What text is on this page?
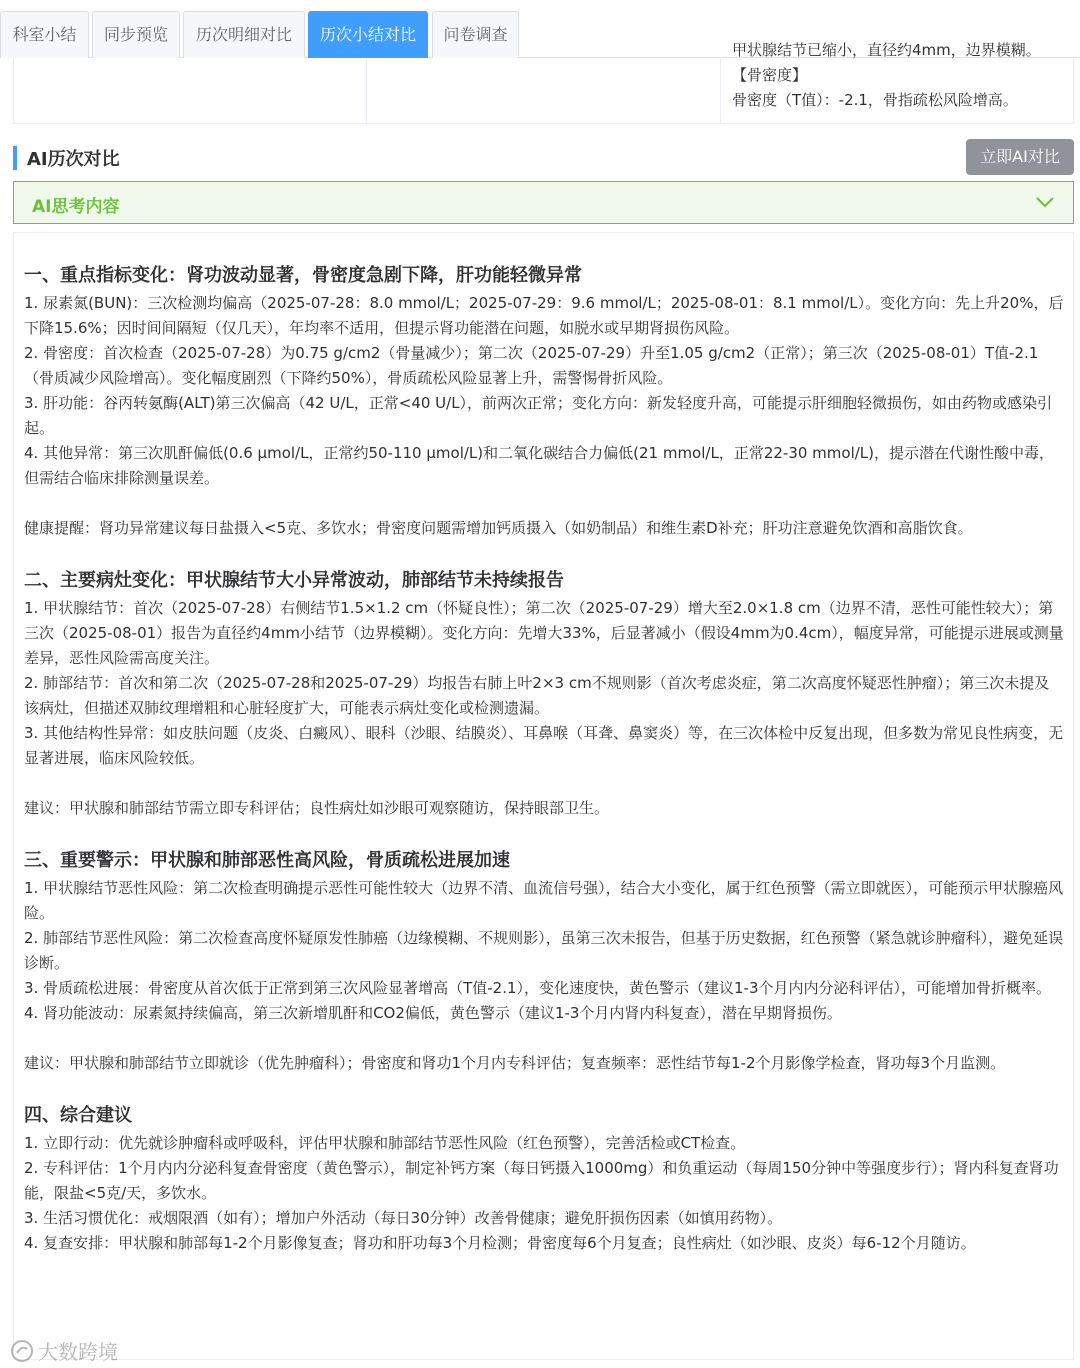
科室小结	同步预览	历次明细对比	历次小结对比	问卷调查
甲状腺结节已缩小，直径约4mm，边界模糊。
【骨密度】
骨密度（T值）：-2.1，骨指疏松风险增高。
AI历次对比	立即AI对比
AI思考内容
一、重点指标变化：肾功波动显著，骨密度急剧下降，肝功能轻微异常

1. 尿素氮(BUN)：三次检测均偏高（2025-07-28：8.0 mmol/L；2025-07-29：9.6 mmol/L；2025-08-01：8.1 mmol/L）。变化方向：先上升20%，后下降15.6%；因时间间隔短（仅几天），年均率不适用，但提示肾功能潜在问题，如脱水或早期肾损伤风险。

2. 骨密度：首次检查（2025-07-28）为0.75 g/cm2（骨量减少）；第二次（2025-07-29）升至1.05 g/cm2（正常）；第三次（2025-08-01）T值-2.1（骨质减少风险增高）。变化幅度剧烈（下降约50%），骨质疏松风险显著上升，需警惕骨折风险。

3. 肝功能：谷丙转氨酶(ALT)第三次偏高（42 U/L，正常<40 U/L），前两次正常；变化方向：新发轻度升高，可能提示肝细胞轻微损伤，如由药物或感染引起。

4. 其他异常：第三次肌酐偏低(0.6 μmol/L，正常约50-110 μmol/L)和二氧化碳结合力偏低(21 mmol/L，正常22-30 mmol/L)，提示潜在代谢性酸中毒，但需结合临床排除测量误差。

健康提醒：肾功异常建议每日盐摄入<5克、多饮水；骨密度问题需增加钙质摄入（如奶制品）和维生素D补充；肝功注意避免饮酒和高脂饮食。

二、主要病灶变化：甲状腺结节大小异常波动，肺部结节未持续报告

1. 甲状腺结节：首次（2025-07-28）右侧结节1.5×1.2 cm（怀疑良性）；第二次（2025-07-29）增大至2.0×1.8 cm（边界不清，恶性可能性较大）；第三次（2025-08-01）报告为直径约4mm小结节（边界模糊）。变化方向：先增大33%，后显著减小（假设4mm为0.4cm），幅度异常，可能提示进展或测量差异，恶性风险需高度关注。

2. 肺部结节：首次和第二次（2025-07-28和2025-07-29）均报告右肺上叶2×3 cm不规则影（首次考虑炎症，第二次高度怀疑恶性肿瘤）；第三次未提及该病灶，但描述双肺纹理增粗和心脏轻度扩大，可能表示病灶变化或检测遗漏。

3. 其他结构性异常：如皮肤问题（皮炎、白癜风）、眼科（沙眼、结膜炎）、耳鼻喉（耳聋、鼻窦炎）等，在三次体检中反复出现，但多数为常见良性病变，无显著进展，临床风险较低。

建议：甲状腺和肺部结节需立即专科评估；良性病灶如沙眼可观察随访，保持眼部卫生。

三、重要警示：甲状腺和肺部恶性高风险，骨质疏松进展加速

1. 甲状腺结节恶性风险：第二次检查明确提示恶性可能性较大（边界不清、血流信号强），结合大小变化，属于红色预警（需立即就医），可能预示甲状腺癌风险。

2. 肺部结节恶性风险：第二次检查高度怀疑原发性肺癌（边缘模糊、不规则影），虽第三次未报告，但基于历史数据，红色预警（紧急就诊肿瘤科），避免延误诊断。

3. 骨质疏松进展：骨密度从首次低于正常到第三次风险显著增高（T值-2.1），变化速度快，黄色警示（建议1-3个月内内分泌科评估），可能增加骨折概率。

4. 肾功能波动：尿素氮持续偏高，第三次新增肌酐和CO2偏低，黄色警示（建议1-3个月内肾内科复查），潜在早期肾损伤。

建议：甲状腺和肺部结节立即就诊（优先肿瘤科）；骨密度和肾功1个月内专科评估；复查频率：恶性结节每1-2个月影像学检查，肾功每3个月监测。

四、综合建议

1. 立即行动：优先就诊肿瘤科或呼吸科，评估甲状腺和肺部结节恶性风险（红色预警），完善活检或CT检查。

2. 专科评估：1个月内内分泌科复查骨密度（黄色警示），制定补钙方案（每日钙摄入1000mg）和负重运动（每周150分钟中等强度步行）；肾内科复查肾功能，限盐<5克/天，多饮水。

3. 生活习惯优化：戒烟限酒（如有）；增加户外活动（每日30分钟）改善骨健康；避免肝损伤因素（如慎用药物）。

4. 复查安排：甲状腺和肺部每1-2个月影像复查；肾功和肝功每3个月检测；骨密度每6个月复查；良性病灶（如沙眼、皮炎）每6-12个月随访。

大数跨境
